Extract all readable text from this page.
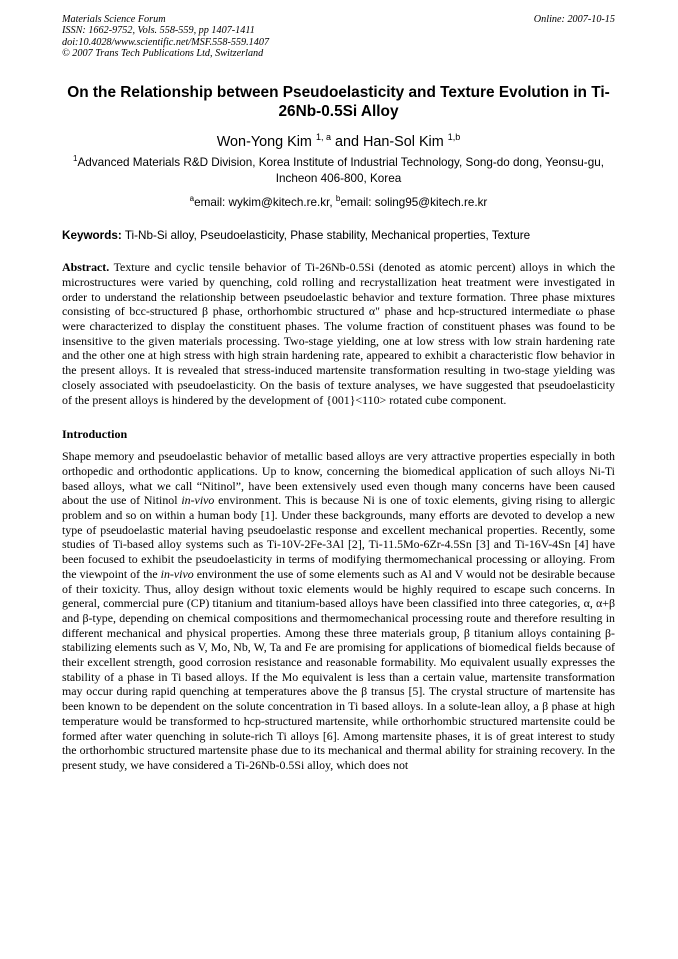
Materials Science Forum	Online: 2007-10-15
ISSN: 1662-9752, Vols. 558-559, pp 1407-1411
doi:10.4028/www.scientific.net/MSF.558-559.1407
© 2007 Trans Tech Publications Ltd, Switzerland
On the Relationship between Pseudoelasticity and Texture Evolution in Ti-26Nb-0.5Si Alloy
Won-Yong Kim $^{1, a}$ and Han-Sol Kim $^{1,b}$
$^1$Advanced Materials R&D Division, Korea Institute of Industrial Technology, Song-do dong, Yeonsu-gu, Incheon 406-800, Korea
$^a$email: wykim@kitech.re.kr, $^b$email: soling95@kitech.re.kr
Keywords: Ti-Nb-Si alloy, Pseudoelasticity, Phase stability, Mechanical properties, Texture
Abstract. Texture and cyclic tensile behavior of Ti-26Nb-0.5Si (denoted as atomic percent) alloys in which the microstructures were varied by quenching, cold rolling and recrystallization heat treatment were investigated in order to understand the relationship between pseudoelastic behavior and texture formation. Three phase mixtures consisting of bcc-structured β phase, orthorhombic structured α" phase and hcp-structured intermediate ω phase were characterized to display the constituent phases. The volume fraction of constituent phases was found to be insensitive to the given materials processing. Two-stage yielding, one at low stress with low strain hardening rate and the other one at high stress with high strain hardening rate, appeared to exhibit a characteristic flow behavior in the present alloys. It is revealed that stress-induced martensite transformation resulting in two-stage yielding was closely associated with pseudoelasticity. On the basis of texture analyses, we have suggested that pseudoelasticity of the present alloys is hindered by the development of {001}<110> rotated cube component.
Introduction
Shape memory and pseudoelastic behavior of metallic based alloys are very attractive properties especially in both orthopedic and orthodontic applications. Up to know, concerning the biomedical application of such alloys Ni-Ti based alloys, what we call “Nitinol”, have been extensively used even though many concerns have been caused about the use of Nitinol in-vivo environment. This is because Ni is one of toxic elements, giving rising to allergic problem and so on within a human body [1]. Under these backgrounds, many efforts are devoted to develop a new type of pseudoelastic material having pseudoelastic response and excellent mechanical properties. Recently, some studies of Ti-based alloy systems such as Ti-10V-2Fe-3Al [2], Ti-11.5Mo-6Zr-4.5Sn [3] and Ti-16V-4Sn [4] have been focused to exhibit the pseudoelasticity in terms of modifying thermomechanical processing or alloying. From the viewpoint of the in-vivo environment the use of some elements such as Al and V would not be desirable because of their toxicity. Thus, alloy design without toxic elements would be highly required to escape such concerns. In general, commercial pure (CP) titanium and titanium-based alloys have been classified into three categories, α, α+β and β-type, depending on chemical compositions and thermomechanical processing route and therefore resulting in different mechanical and physical properties. Among these three materials group, β titanium alloys containing β-stabilizing elements such as V, Mo, Nb, W, Ta and Fe are promising for applications of biomedical fields because of their excellent strength, good corrosion resistance and reasonable formability. Mo equivalent usually expresses the stability of a phase in Ti based alloys. If the Mo equivalent is less than a certain value, martensite transformation may occur during rapid quenching at temperatures above the β transus [5]. The crystal structure of martensite has been known to be dependent on the solute concentration in Ti based alloys. In a solute-lean alloy, a β phase at high temperature would be transformed to hcp-structured martensite, while orthorhombic structured martensite could be formed after water quenching in solute-rich Ti alloys [6]. Among martensite phases, it is of great interest to study the orthorhombic structured martensite phase due to its mechanical and thermal ability for straining recovery. In the present study, we have considered a Ti-26Nb-0.5Si alloy, which does not
